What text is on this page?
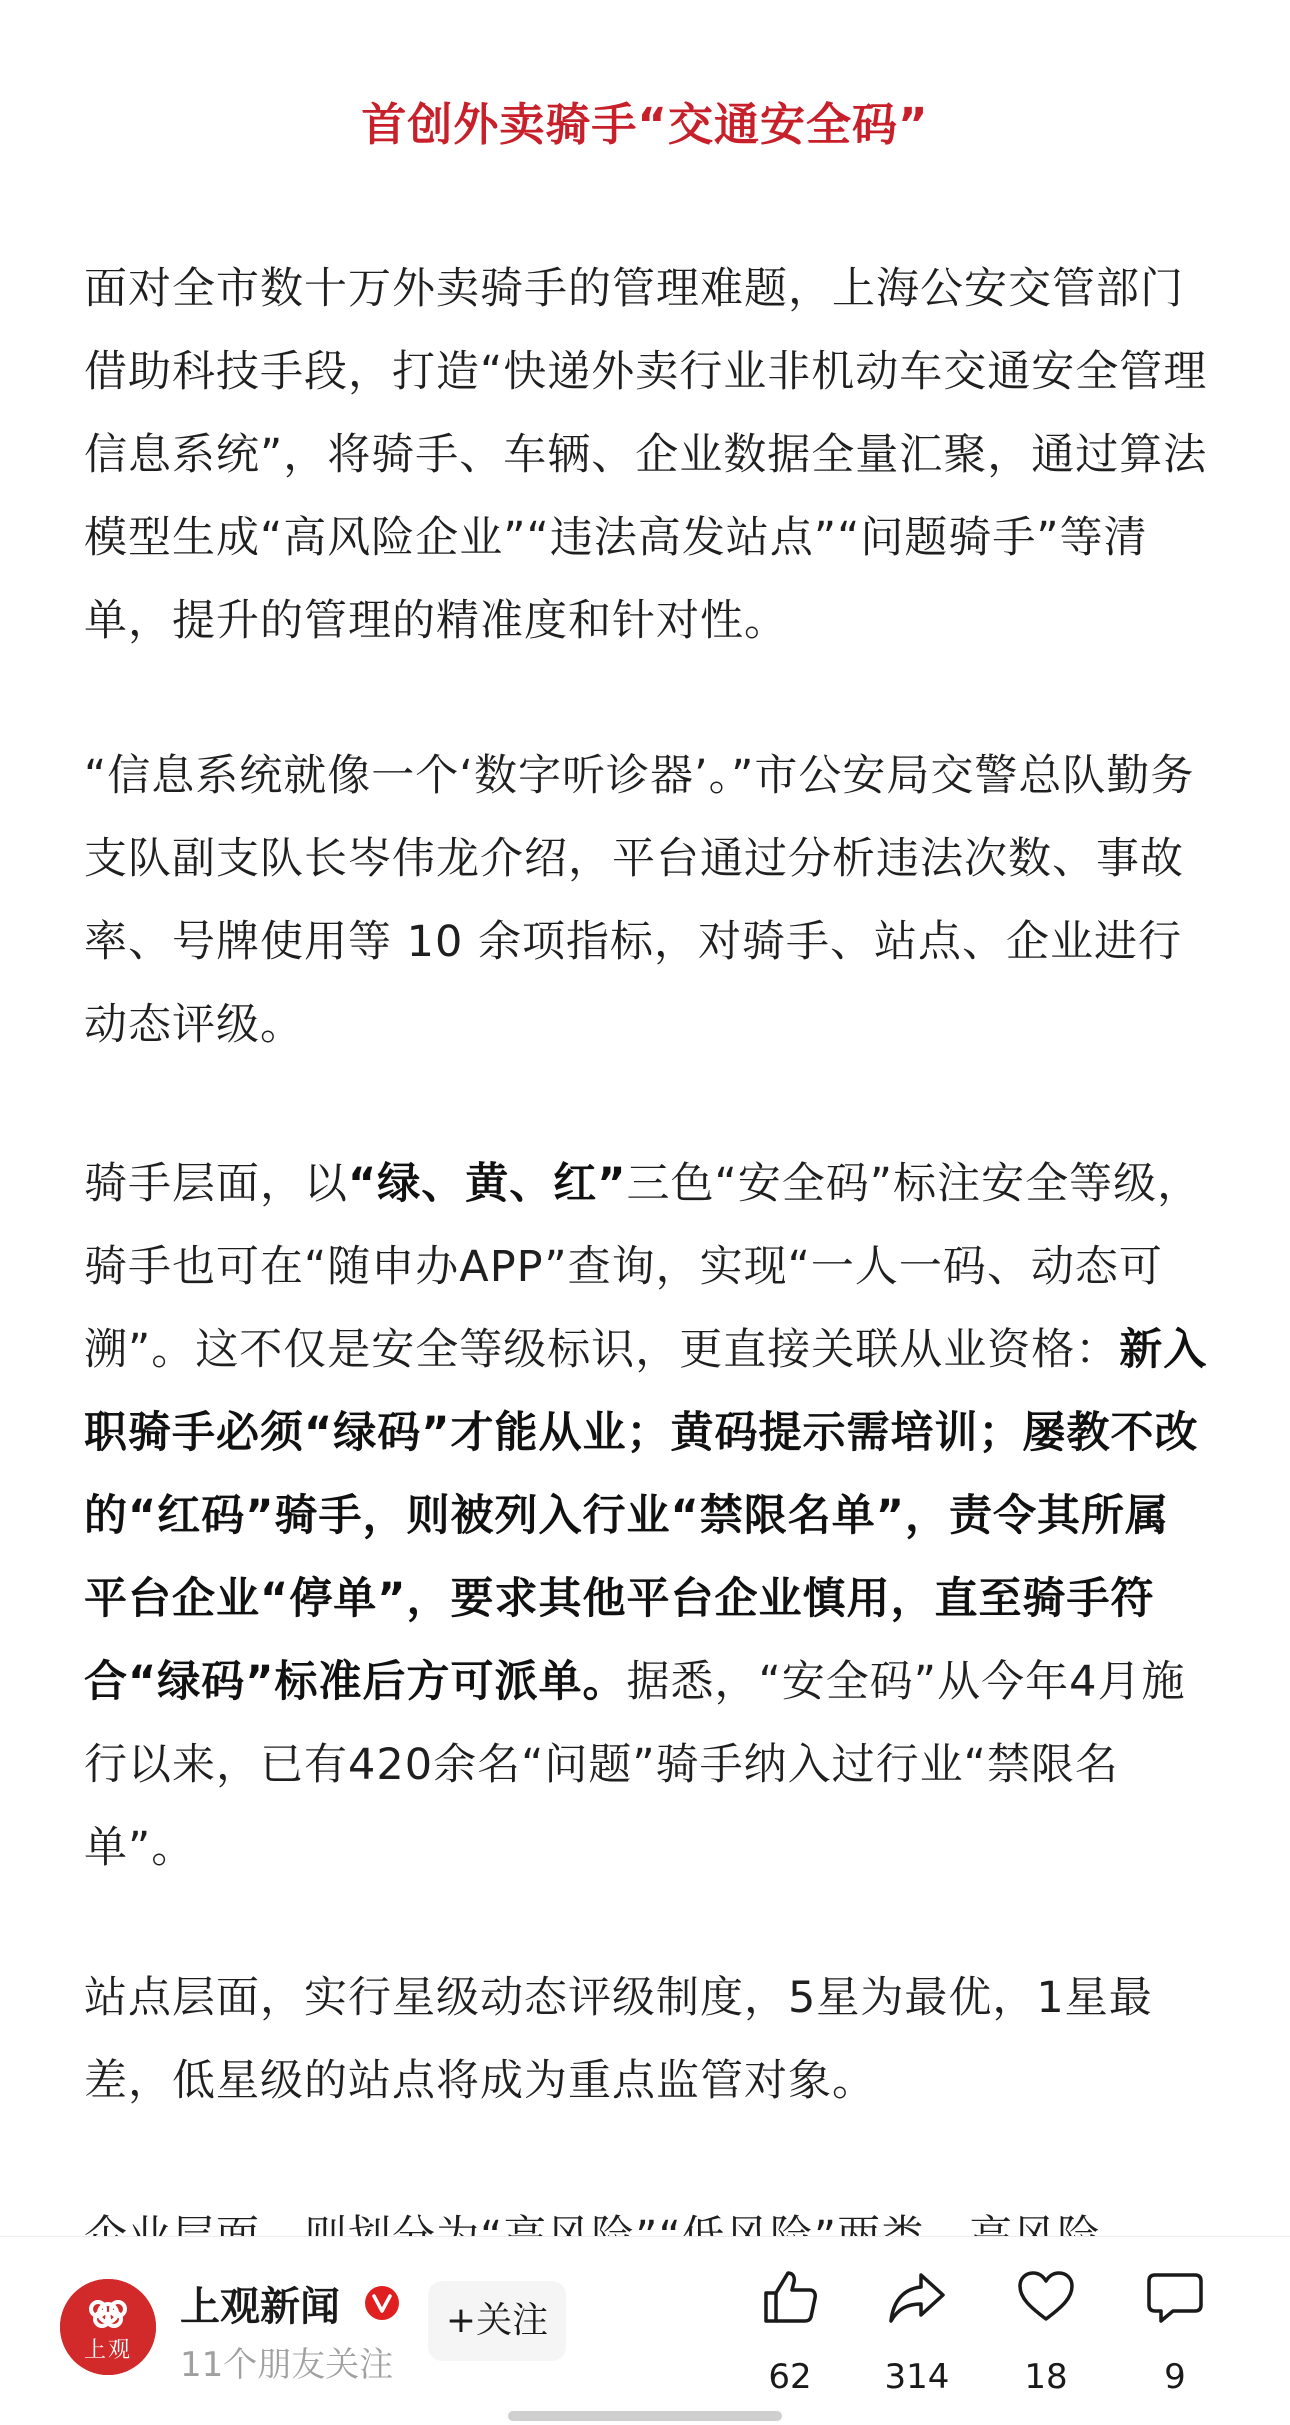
首创外卖骑手“交通安全码”

面对全市数十万外卖骑手的管理难题，上海公安交管部门借助科技手段，打造“快递外卖行业非机动车交通安全管理信息系统”，将骑手、车辆、企业数据全量汇聚，通过算法模型生成“高风险企业”“违法高发站点”“问题骑手”等清单，提升的管理的精准度和针对性。

“信息系统就像一个‘数字听诊器’。”市公安局交警总队勤务支队副支队长岑伟龙介绍，平台通过分析违法次数、事故率、号牌使用等 10 余项指标，对骑手、站点、企业进行动态评级。

骑手层面，以“绿、黄、红”三色“安全码”标注安全等级，骑手也可在“随申办APP”查询，实现“一人一码、动态可溯”。这不仅是安全等级标识，更直接关联从业资格：新入职骑手必须“绿码”才能从业；黄码提示需培训；屡教不改的“红码”骑手，则被列入行业“禁限名单”，责令其所属平台企业“停单”，要求其他平台企业慎用，直至骑手符合“绿码”标准后方可派单。据悉，“安全码”从今年4月施行以来，已有420余名“问题”骑手纳入过行业“禁限名单”。

站点层面，实行星级动态评级制度，5星为最优，1星最差，低星级的站点将成为重点监管对象。

上观
上观新闻
11个朋友关注
+关注
62	314	18	9
